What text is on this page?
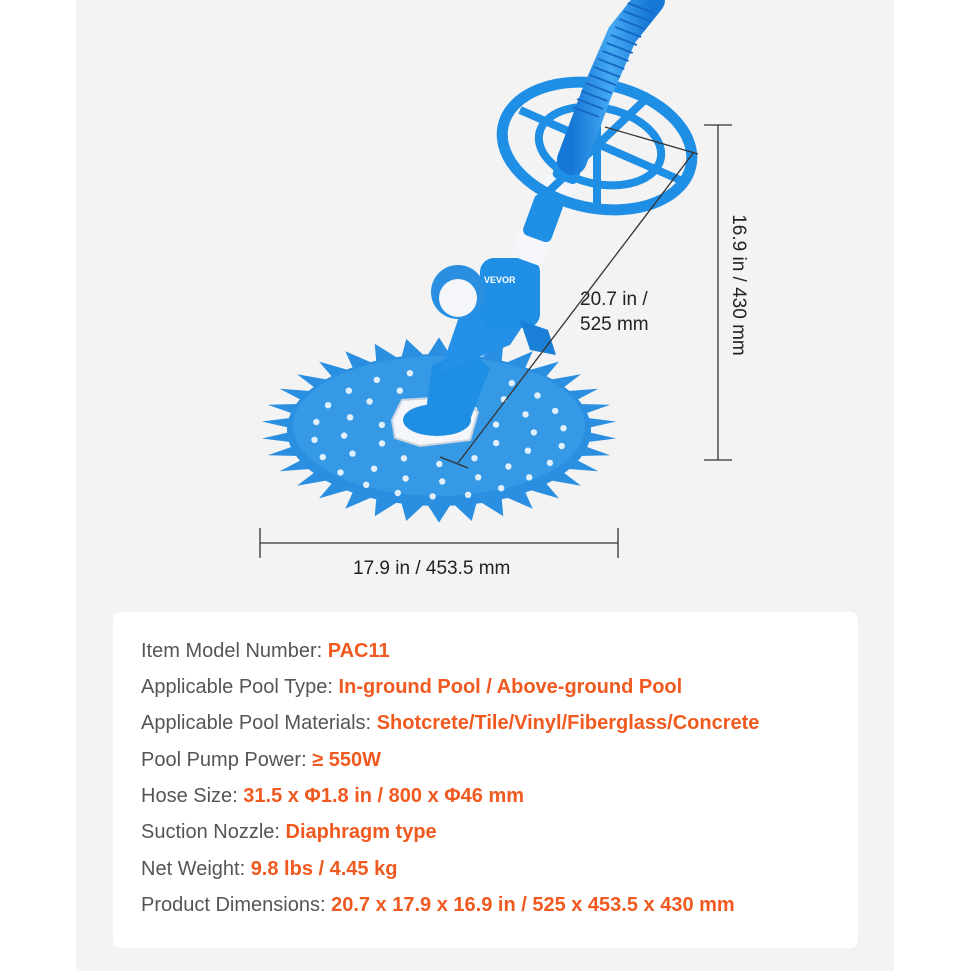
VEVOR
17.9 in / 453.5 mm
20.7 in /
525 mm	16.9 in / 430 mm
Item Model Number: PAC11
Applicable Pool Type: In-ground Pool / Above-ground Pool
Applicable Pool Materials: Shotcrete/Tile/Vinyl/Fiberglass/Concrete
Pool Pump Power: ≥ 550W
Hose Size: 31.5 x Φ1.8 in / 800 x Φ46 mm
Suction Nozzle: Diaphragm type
Net Weight: 9.8 lbs / 4.45 kg
Product Dimensions: 20.7 x 17.9 x 16.9 in / 525 x 453.5 x 430 mm
